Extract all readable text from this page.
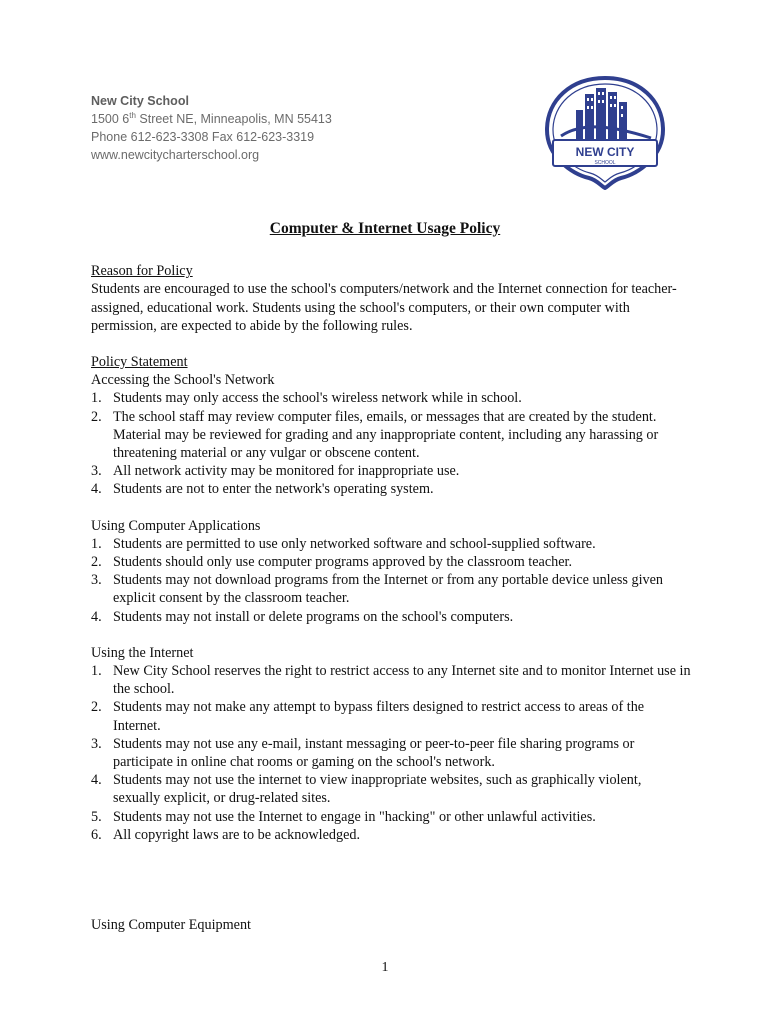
New City School
1500 6th Street NE, Minneapolis, MN 55413
Phone 612-623-3308 Fax 612-623-3319
www.newcitycharterschool.org	NEW CITY
SCHOOL
Computer & Internet Usage Policy

Reason for Policy

Students are encouraged to use the school's computers/network and the Internet connection for teacher-assigned, educational work. Students using the school's computers, or their own computer with permission, are expected to abide by the following rules.

Policy Statement

Accessing the School's Network

1. Students may only access the school's wireless network while in school.
2. The school staff may review computer files, emails, or messages that are created by the student. Material may be reviewed for grading and any inappropriate content, including any harassing or threatening material or any vulgar or obscene content.
3. All network activity may be monitored for inappropriate use.
4. Students are not to enter the network's operating system.

Using Computer Applications

1. Students are permitted to use only networked software and school-supplied software.
2. Students should only use computer programs approved by the classroom teacher.
3. Students may not download programs from the Internet or from any portable device unless given explicit consent by the classroom teacher.
4. Students may not install or delete programs on the school's computers.

Using the Internet

1. New City School reserves the right to restrict access to any Internet site and to monitor Internet use in the school.
2. Students may not make any attempt to bypass filters designed to restrict access to areas of the Internet.
3. Students may not use any e-mail, instant messaging or peer-to-peer file sharing programs or participate in online chat rooms or gaming on the school's network.
4. Students may not use the internet to view inappropriate websites, such as graphically violent, sexually explicit, or drug-related sites.
5. Students may not use the Internet to engage in "hacking" or other unlawful activities.
6. All copyright laws are to be acknowledged.

Using Computer Equipment

1
